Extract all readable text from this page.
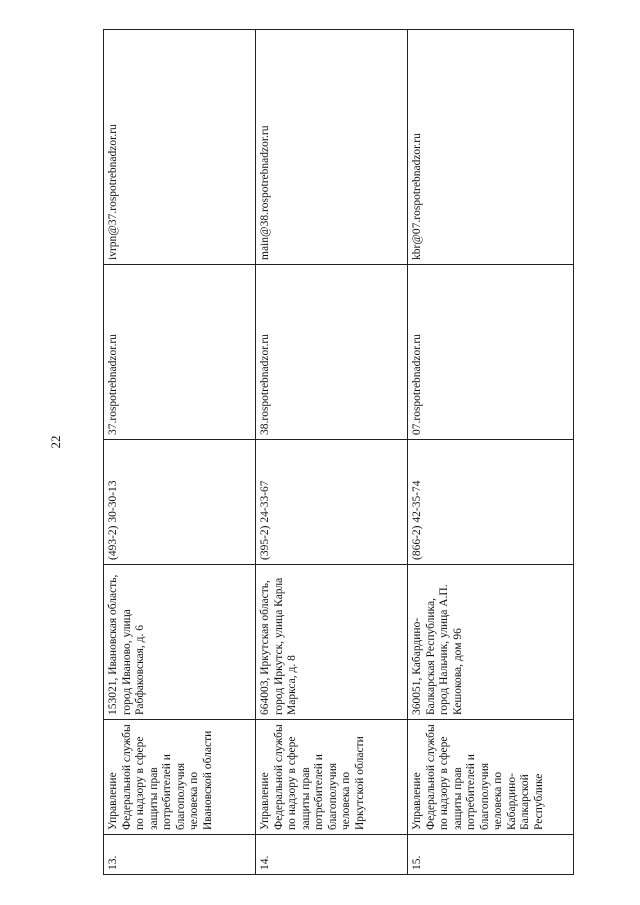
22
13.	Управление Федеральной службы по надзору в сфере защиты прав потребителей и благополучия человека по Ивановской области	153021, Ивановская область, город Иваново, улица Рабфаковская, д. 6	(493-2) 30-30-13	37.rospotrebnadzor.ru	ivrpn@37.rospotrebnadzor.ru
14.	Управление Федеральной службы по надзору в сфере защиты прав потребителей и благополучия человека по Иркутской области	664003, Иркутская область, город Иркутск, улица Карла Маркса, д. 8	(395-2) 24-33-67	38.rospotrebnadzor.ru	main@38.rospotrebnadzor.ru
15.	Управление Федеральной службы по надзору в сфере защиты прав потребителей и благополучия человека по Кабардино-Балкарской Республике	360051, Кабардино-Балкарская Республика, город Нальчик, улица А.П. Кешокова, дом 96	(866-2) 42-35-74	07.rospotrebnadzor.ru	kbr@07.rospotrebnadzor.ru
